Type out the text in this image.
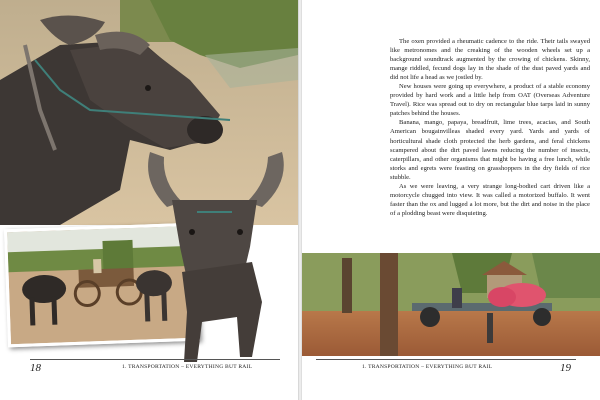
18

The oxen provided a rheumatic cadence to the ride. Their tails swayed like metronomes and the creaking of the wooden wheels set up a background soundtrack augmented by the crowing of chickens. Skinny, mange riddled, fecund dogs lay in the shade of the dust paved yards and did not life a head as we jostled by.

New houses were going up everywhere, a product of a stable economy provided by hard work and a little help from OAT (Overseas Adventure Travel). Rice was spread out to dry on rectangular blue tarps laid in sunny patches behind the houses.

Banana, mango, papaya, breadfruit, lime trees, acacias, and South American bougainvilleas shaded every yard. Yards and yards of horticultural shade cloth protected the herb gardens, and feral chickens scampered about the dirt paved lawns reducing the number of insects, caterpillars, and other organisms that might be having a free lunch, while storks and egrets were feasting on grasshoppers in the dry fields of rice stubble.

As we were leaving, a very strange long-bodied cart driven like a motorcycle chugged into view. It was called a motorized buffalo. It went faster than the ox and lugged a lot more, but the dirt and noise in the place of a plodding beast were disquieting.

1. TRANSPORTATION – EVERYTHING BUT RAIL	19
1. TRANSPORTATION – EVERYTHING BUT RAIL
